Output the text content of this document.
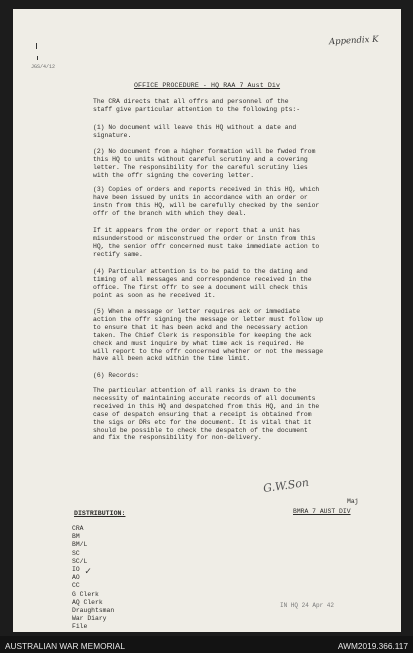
Appendix K
JGS/4/12
OFFICE PROCEDURE - HQ RAA 7 Aust Div
The CRA directs that all offrs and personnel of the
staff give particular attention to the following pts:-
(1) No document will leave this HQ without a date and
signature.
(2) No document from a higher formation will be fwded from
this HQ to units without careful scrutiny and a covering
letter. The responsibility for the careful scrutiny lies
with the offr signing the covering letter.
(3) Copies of orders and reports received in this HQ, which
have been issued by units in accordance with an order or
instn from this HQ, will be carefully checked by the senior
offr of the branch with which they deal.
If it appears from the order or report that a unit has
misunderstood or misconstrued the order or instn from this
HQ, the senior offr concerned must take immediate action to
rectify same.
(4) Particular attention is to be paid to the dating and
timing of all messages and correspondence received in the
office. The first offr to see a document will check this
point as soon as he received it.
(5) When a message or letter requires ack or immediate
action the offr signing the message or letter must follow up
to ensure that it has been ackd and the necessary action
taken. The Chief Clerk is responsible for keeping the ack
check and must inquire by what time ack is required. He
will report to the offr concerned whether or not the message
have all been ackd within the time limit.
(6) Records:
The particular attention of all ranks is drawn to the
necessity of maintaining accurate records of all documents
received in this HQ and despatched from this HQ, and in the
case of despatch ensuring that a receipt is obtained from
the sigs or DRs etc for the document. It is vital that it
should be possible to check the despatch of the document
and fix the responsibility for non-delivery.
G.W.Son
Maj
BMRA 7 AUST DIV
DISTRIBUTION:
CRA
BM
BM/L
SC
SC/L
IO
AO
CC
G Clerk
AQ Clerk
Draughtsman
War Diary
File
✓
IN HQ 24 Apr 42
AUSTRALIAN WAR MEMORIAL	AWM2019.366.117
